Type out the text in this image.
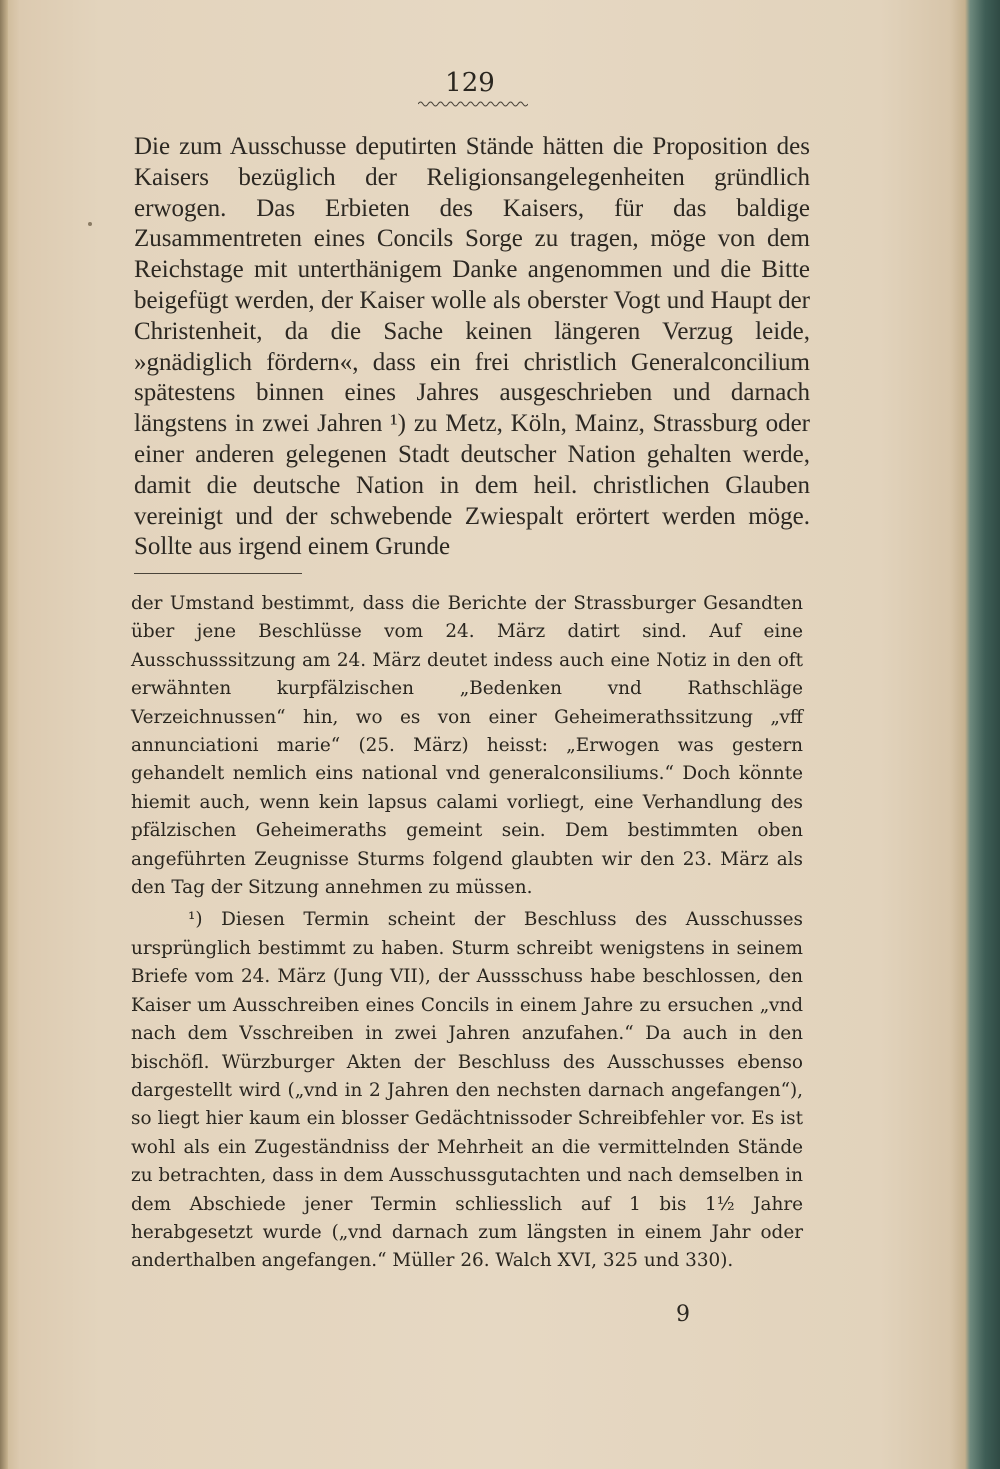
129
Die zum Ausschusse deputirten Stände hätten die Proposition des Kaisers bezüglich der Religionsangelegenheiten gründlich erwogen. Das Erbieten des Kaisers, für das baldige Zusammentreten eines Concils Sorge zu tragen, möge von dem Reichstage mit unterthänigem Danke angenommen und die Bitte beigefügt werden, der Kaiser wolle als oberster Vogt und Haupt der Christenheit, da die Sache keinen längeren Verzug leide, »gnädiglich fördern«, dass ein frei christlich Generalconcilium spätestens binnen eines Jahres ausgeschrieben und darnach längstens in zwei Jahren ¹) zu Metz, Köln, Mainz, Strassburg oder einer anderen gelegenen Stadt deutscher Nation gehalten werde, damit die deutsche Nation in dem heil. christlichen Glauben vereinigt und der schwebende Zwiespalt erörtert werden möge. Sollte aus irgend einem Grunde

der Umstand bestimmt, dass die Berichte der Strassburger Gesandten über jene Beschlüsse vom 24. März datirt sind. Auf eine Ausschusssitzung am 24. März deutet indess auch eine Notiz in den oft erwähnten kurpfälzischen „Bedenken vnd Rathschläge Verzeichnussen“ hin, wo es von einer Geheimerathssitzung „vff annunciationi marie“ (25. März) heisst: „Erwogen was gestern gehandelt nemlich eins national vnd generalconsiliums.“ Doch könnte hiemit auch, wenn kein lapsus calami vorliegt, eine Verhandlung des pfälzischen Geheimeraths gemeint sein. Dem bestimmten oben angeführten Zeugnisse Sturms folgend glaubten wir den 23. März als den Tag der Sitzung annehmen zu müssen.

¹) Diesen Termin scheint der Beschluss des Ausschusses ursprünglich bestimmt zu haben. Sturm schreibt wenigstens in seinem Briefe vom 24. März (Jung VII), der Aussschuss habe beschlossen, den Kaiser um Ausschreiben eines Concils in einem Jahre zu ersuchen „vnd nach dem Vsschreiben in zwei Jahren anzufahen.“ Da auch in den bischöfl. Würzburger Akten der Beschluss des Ausschusses ebenso dargestellt wird („vnd in 2 Jahren den nechsten darnach angefangen“), so liegt hier kaum ein blosser Gedächtnissoder Schreibfehler vor. Es ist wohl als ein Zugeständniss der Mehrheit an die vermittelnden Stände zu betrachten, dass in dem Ausschussgutachten und nach demselben in dem Abschiede jener Termin schliesslich auf 1 bis 1½ Jahre herabgesetzt wurde („vnd darnach zum längsten in einem Jahr oder anderthalben angefangen.“ Müller 26. Walch XVI, 325 und 330).

9
